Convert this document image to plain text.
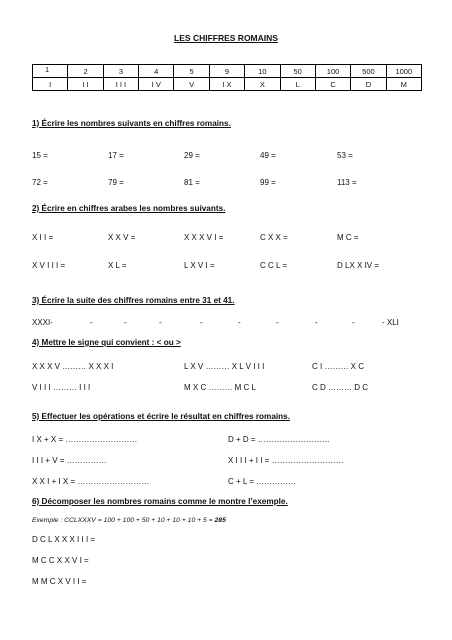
LES CHIFFRES ROMAINS
1	2	3	4	5	9	10	50	100	500	1000
I	I I	I I I	I V	V	I X	X	L	C	D	M
1) Écrire les nombres suivants en chiffres romains.
15 =	17 =	29 =	49 =	53 =
72 =	79 =	81 =	99 =	113 =
2) Écrire en chiffres arabes les nombres suivants.
X I I =	X X V =	X X X V I =	C X X =	M C =
X V I I I =	X L =	L X V I =	C C L =	D LX X IV =
3) Écrire la suite des chiffres romains entre 31 et 41.
XXXI-	-	-	-	-	-	-	-	-	- XLI
4) Mettre le signe qui convient : < ou >
X X X V ……… X X X I	L X V ……… X L V I I I	C I ……… X C
V I I I ……… I I I	M X C ……… M C L	C D ……… D C
5) Effectuer les opérations et écrire le résultat en chiffres romains.
I X + X = ………………………	D + D = ………………………
I I I + V = ……………	X I I I + I I = ………………………
X X I + I X = ………………………	C + L = ……………
6) Décomposer les nombres romains comme le montre l’exemple.
Exemple : CCLXXXV = 100 + 100 + 50 + 10 + 10 + 10 + 5 = 285
D C L X X X I I I =
M C C X X V I =
M M C X V I I =
